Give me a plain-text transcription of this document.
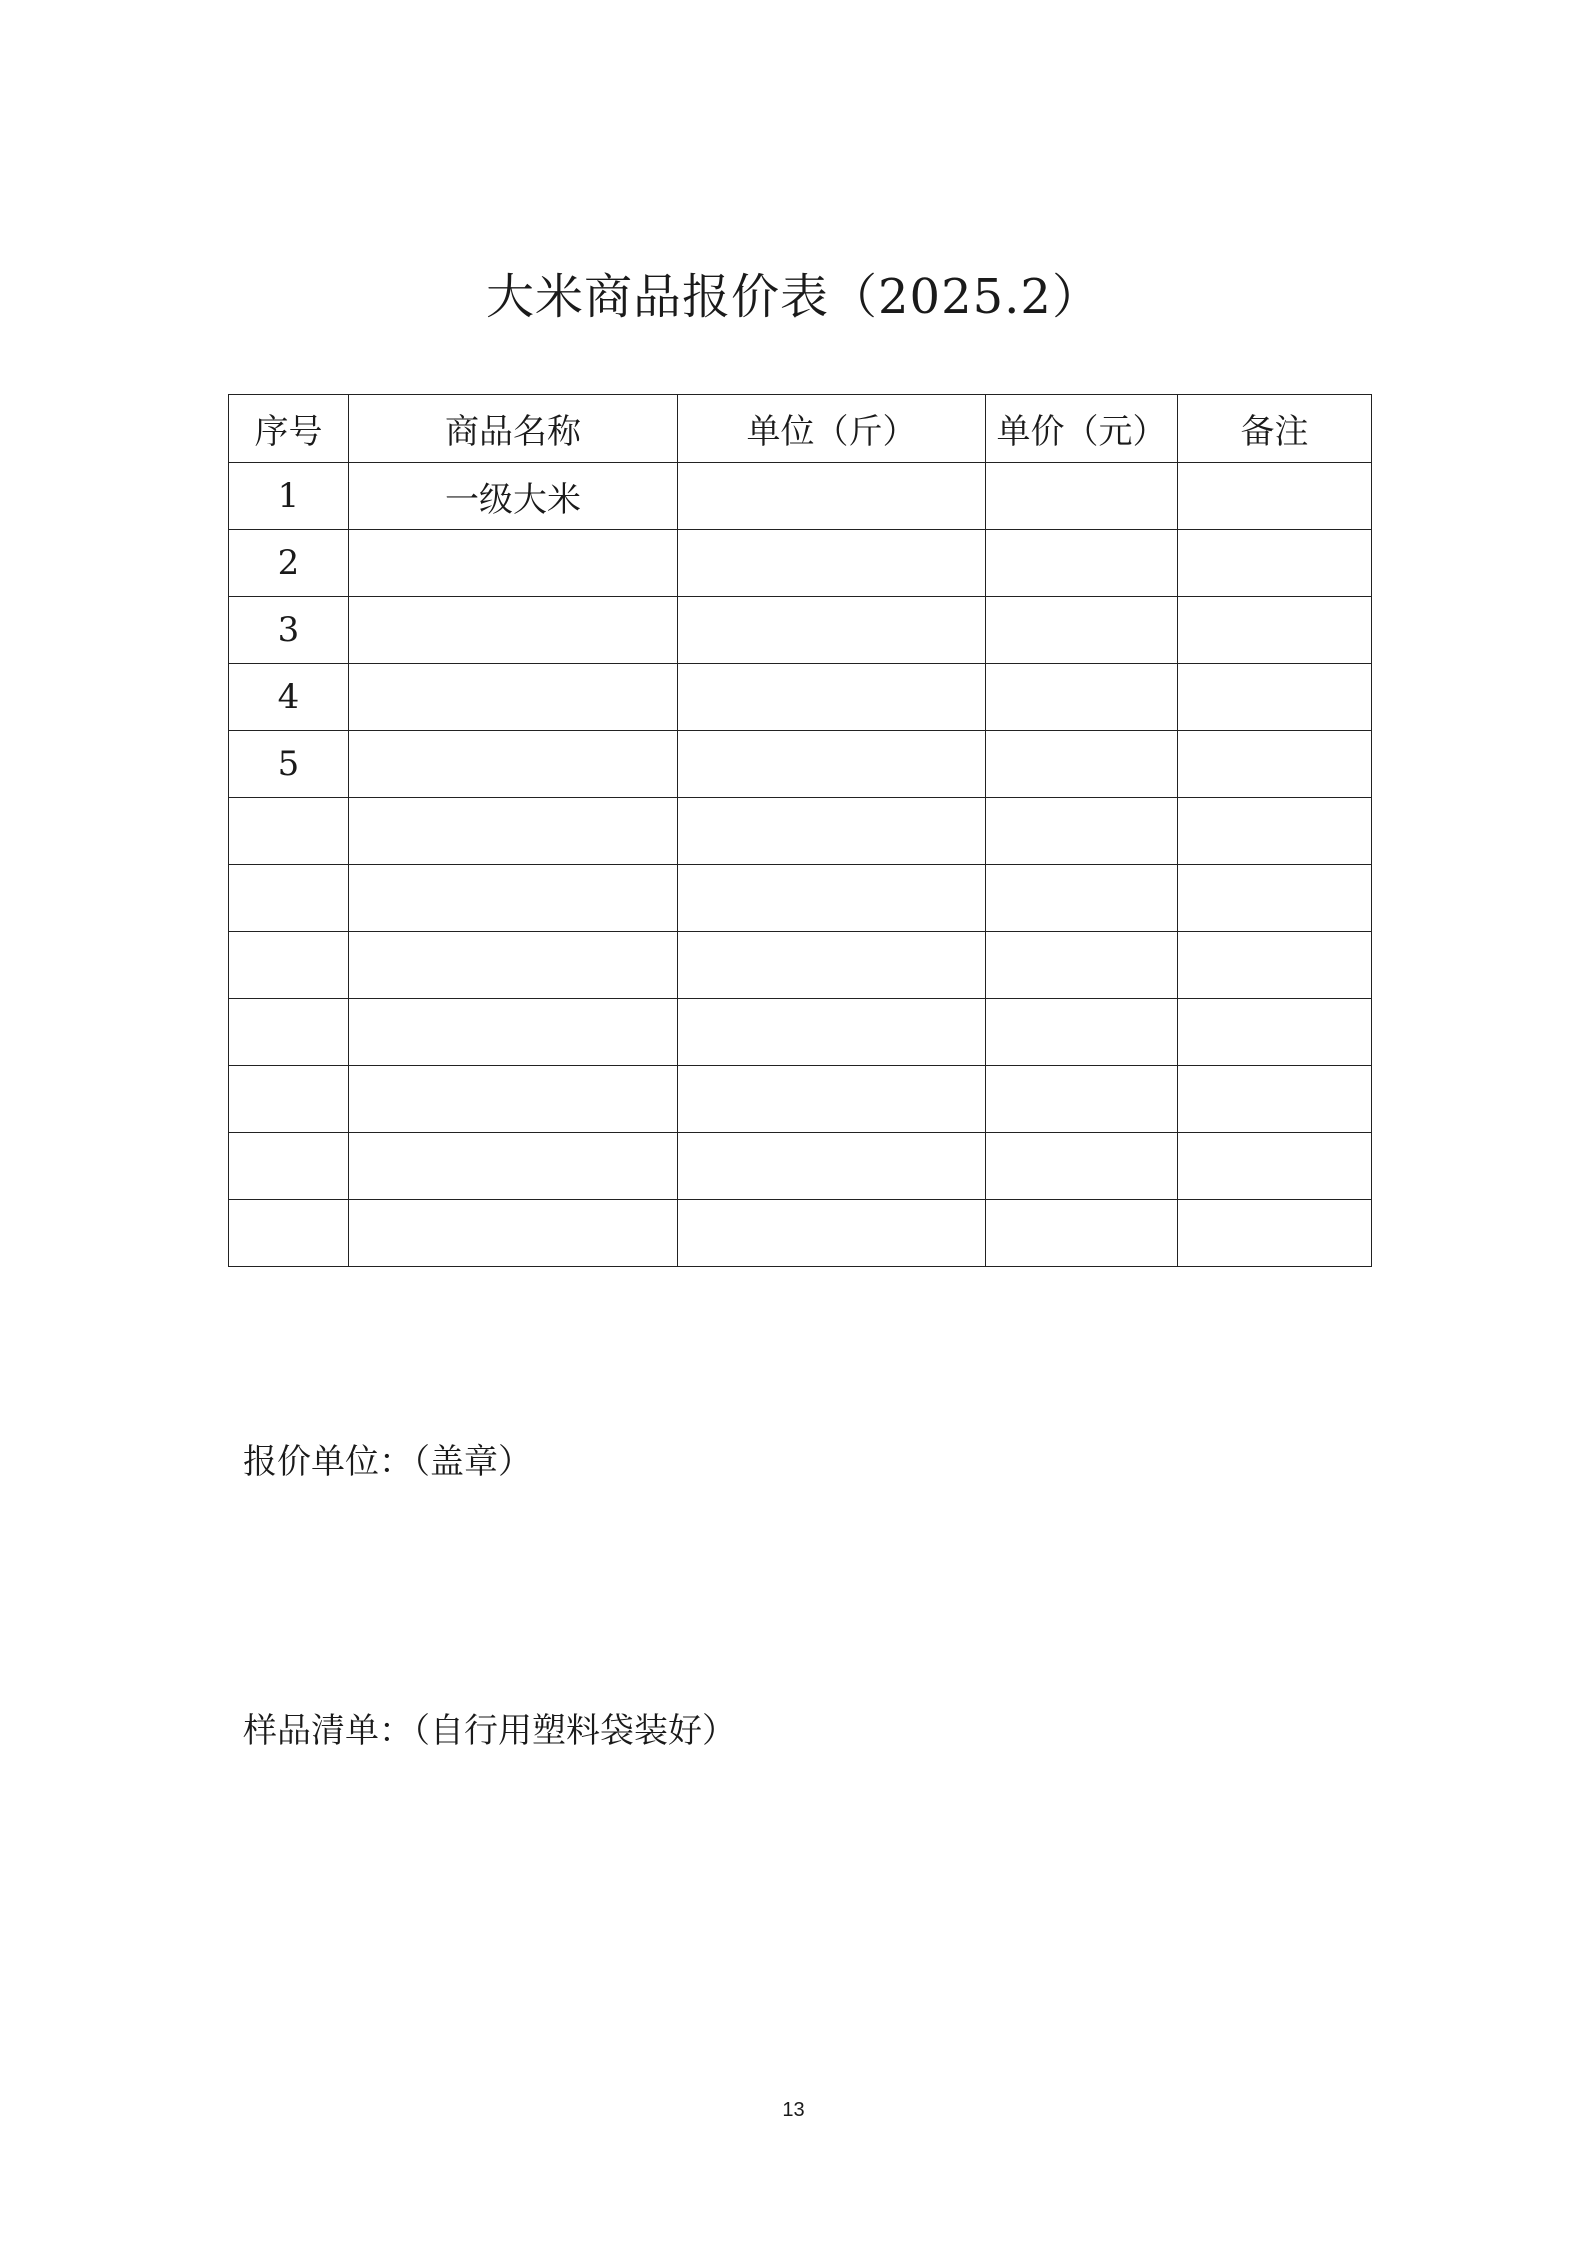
大米商品报价表（2025.2）
序号	商品名称	单位（斤）	单价（元）	备注
1	一级大米			
2				
3				
4				
5				

报价单位：（盖章）
样品清单：（自行用塑料袋装好）
13
